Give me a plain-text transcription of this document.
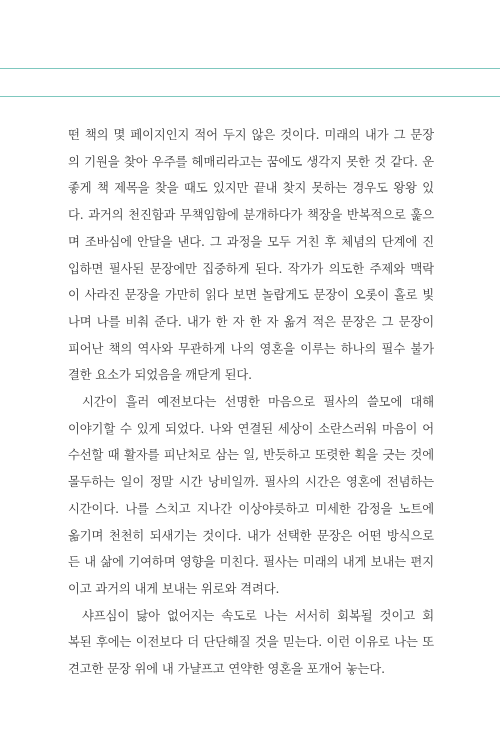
떤 책의 몇 페이지인지 적어 두지 않은 것이다. 미래의 내가 그 문장
의 기원을 찾아 우주를 헤매리라고는 꿈에도 생각지 못한 것 같다. 운
좋게 책 제목을 찾을 때도 있지만 끝내 찾지 못하는 경우도 왕왕 있
다. 과거의 천진함과 무책임함에 분개하다가 책장을 반복적으로 훑으
며 조바심에 안달을 낸다. 그 과정을 모두 거친 후 체념의 단계에 진
입하면 필사된 문장에만 집중하게 된다. 작가가 의도한 주제와 맥락
이 사라진 문장을 가만히 읽다 보면 놀랍게도 문장이 오롯이 홀로 빛
나며 나를 비춰 준다. 내가 한 자 한 자 옮겨 적은 문장은 그 문장이
피어난 책의 역사와 무관하게 나의 영혼을 이루는 하나의 필수 불가
결한 요소가 되었음을 깨닫게 된다.

시간이 흘러 예전보다는 선명한 마음으로 필사의 쓸모에 대해
이야기할 수 있게 되었다. 나와 연결된 세상이 소란스러워 마음이 어
수선할 때 활자를 피난처로 삼는 일, 반듯하고 또렷한 획을 긋는 것에
몰두하는 일이 정말 시간 낭비일까. 필사의 시간은 영혼에 전념하는
시간이다. 나를 스치고 지나간 이상야릇하고 미세한 감정을 노트에
옮기며 천천히 되새기는 것이다. 내가 선택한 문장은 어떤 방식으로
든 내 삶에 기여하며 영향을 미친다. 필사는 미래의 내게 보내는 편지
이고 과거의 내게 보내는 위로와 격려다.

샤프심이 닳아 없어지는 속도로 나는 서서히 회복될 것이고 회
복된 후에는 이전보다 더 단단해질 것을 믿는다. 이런 이유로 나는 또
견고한 문장 위에 내 가냘프고 연약한 영혼을 포개어 놓는다.
